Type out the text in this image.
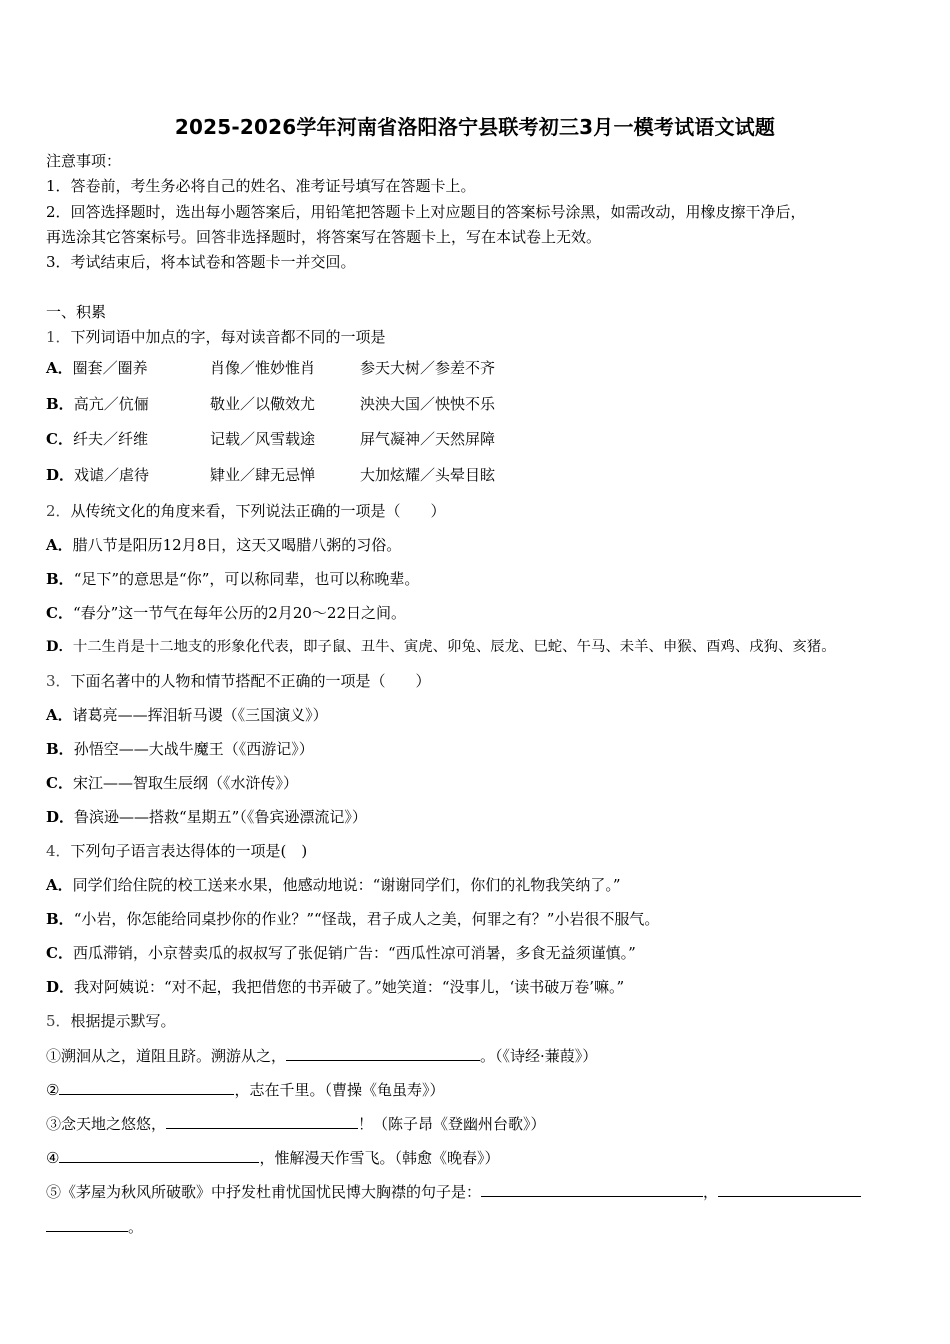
2025-2026学年河南省洛阳洛宁县联考初三3月一模考试语文试题
注意事项：
1．答卷前，考生务必将自己的姓名、准考证号填写在答题卡上。
2．回答选择题时，选出每小题答案后，用铅笔把答题卡上对应题目的答案标号涂黑，如需改动，用橡皮擦干净后，
再选涂其它答案标号。回答非选择题时，将答案写在答题卡上，写在本试卷上无效。
3．考试结束后，将本试卷和答题卡一并交回。
一、积累
1．下列词语中加点的字，每对读音都不同的一项是
A．圈套／圈养	肖像／惟妙惟肖	参天大树／参差不齐
B．高亢／伉俪	敬业／以儆效尤	泱泱大国／怏怏不乐
C．纤夫／纤维	记载／风雪载途	屏气凝神／天然屏障
D．戏谑／虐待	肄业／肆无忌惮	大加炫耀／头晕目眩
2．从传统文化的角度来看，下列说法正确的一项是（　　）
A．腊八节是阳历12月8日，这天又喝腊八粥的习俗。
B．“足下”的意思是“你”，可以称同辈，也可以称晚辈。
C．“春分”这一节气在每年公历的2月20～22日之间。
D．十二生肖是十二地支的形象化代表，即子鼠、丑牛、寅虎、卯兔、辰龙、巳蛇、午马、未羊、申猴、酉鸡、戌狗、亥猪。
3．下面名著中的人物和情节搭配不正确的一项是（　　）
A．诸葛亮——挥泪斩马谡（《三国演义》）
B．孙悟空——大战牛魔王（《西游记》）
C．宋江——智取生辰纲（《水浒传》）
D．鲁滨逊——搭救“星期五”（《鲁宾逊漂流记》）
4．下列句子语言表达得体的一项是(　)
A．同学们给住院的校工送来水果，他感动地说：“谢谢同学们，你们的礼物我笑纳了。”
B．“小岩，你怎能给同桌抄你的作业？”“怪哉，君子成人之美，何罪之有？”小岩很不服气。
C．西瓜滞销，小京替卖瓜的叔叔写了张促销广告：“西瓜性凉可消暑，多食无益须谨慎。”
D．我对阿姨说：“对不起，我把借您的书弄破了。”她笑道：“没事儿，‘读书破万卷’嘛。”
5．根据提示默写。
①溯洄从之，道阻且跻。溯游从之，	。（《诗经·蒹葭》）
②	，志在千里。（曹操《龟虽寿》）
③念天地之悠悠，	！（陈子昂《登幽州台歌》）
④	，惟解漫天作雪飞。（韩愈《晚春》）
⑤《茅屋为秋风所破歌》中抒发杜甫忧国忧民博大胸襟的句子是：	，
。
